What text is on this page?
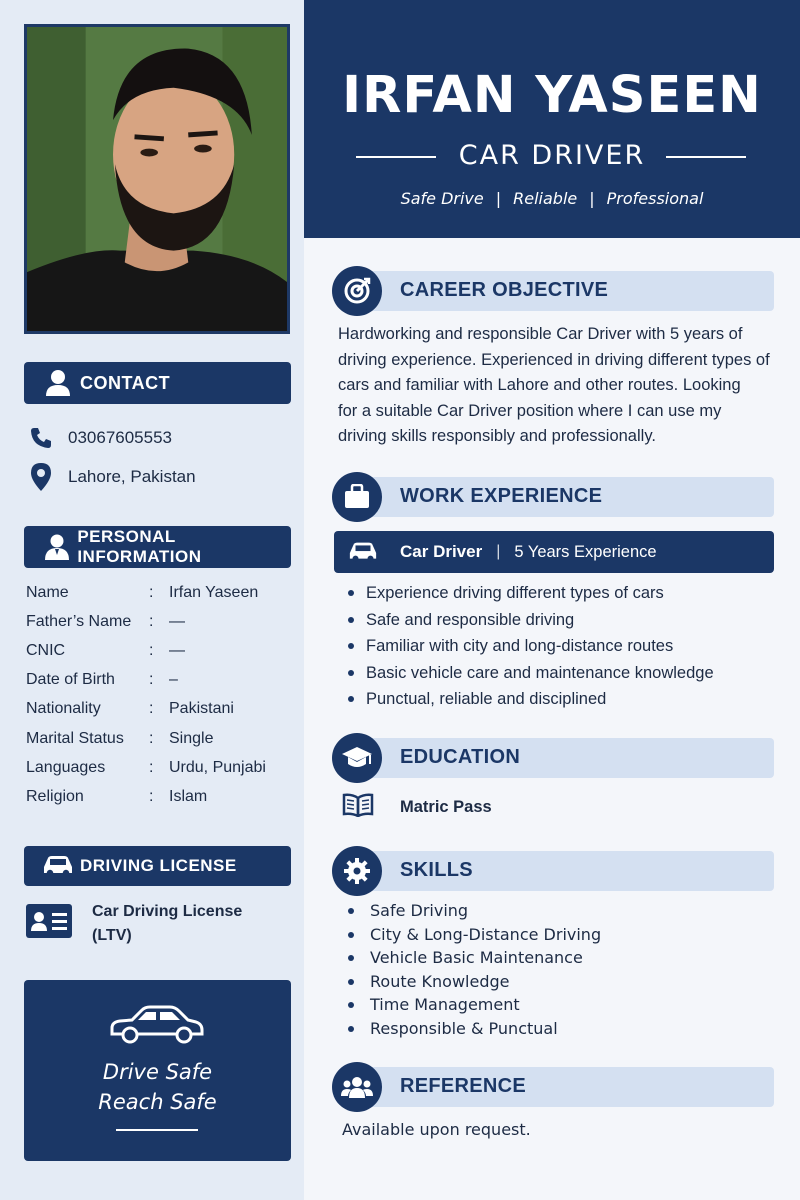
CONTACT
03067605553
Lahore, Pakistan
PERSONAL INFORMATION
Name	: Irfan Yaseen
Father’s Name	: —
CNIC	: —
Date of Birth	: –
Nationality	: Pakistani
Marital Status	: Single
Languages	: Urdu, Punjabi
Religion	: Islam
DRIVING LICENSE
Car Driving License
(LTV)
Drive Safe
Reach Safe
IRFAN YASEEN
CAR DRIVER
Safe Drive | Reliable | Professional
CAREER OBJECTIVE
Hardworking and responsible Car Driver with 5 years of
driving experience. Experienced in driving different types of
cars and familiar with Lahore and other routes. Looking
for a suitable Car Driver position where I can use my
driving skills responsibly and professionally.
WORK EXPERIENCE
Car Driver | 5 Years Experience
Experience driving different types of cars
Safe and responsible driving
Familiar with city and long-distance routes
Basic vehicle care and maintenance knowledge
Punctual, reliable and disciplined
EDUCATION
Matric Pass
SKILLS
Safe Driving
City & Long-Distance Driving
Vehicle Basic Maintenance
Route Knowledge
Time Management
Responsible & Punctual
REFERENCE
Available upon request.
